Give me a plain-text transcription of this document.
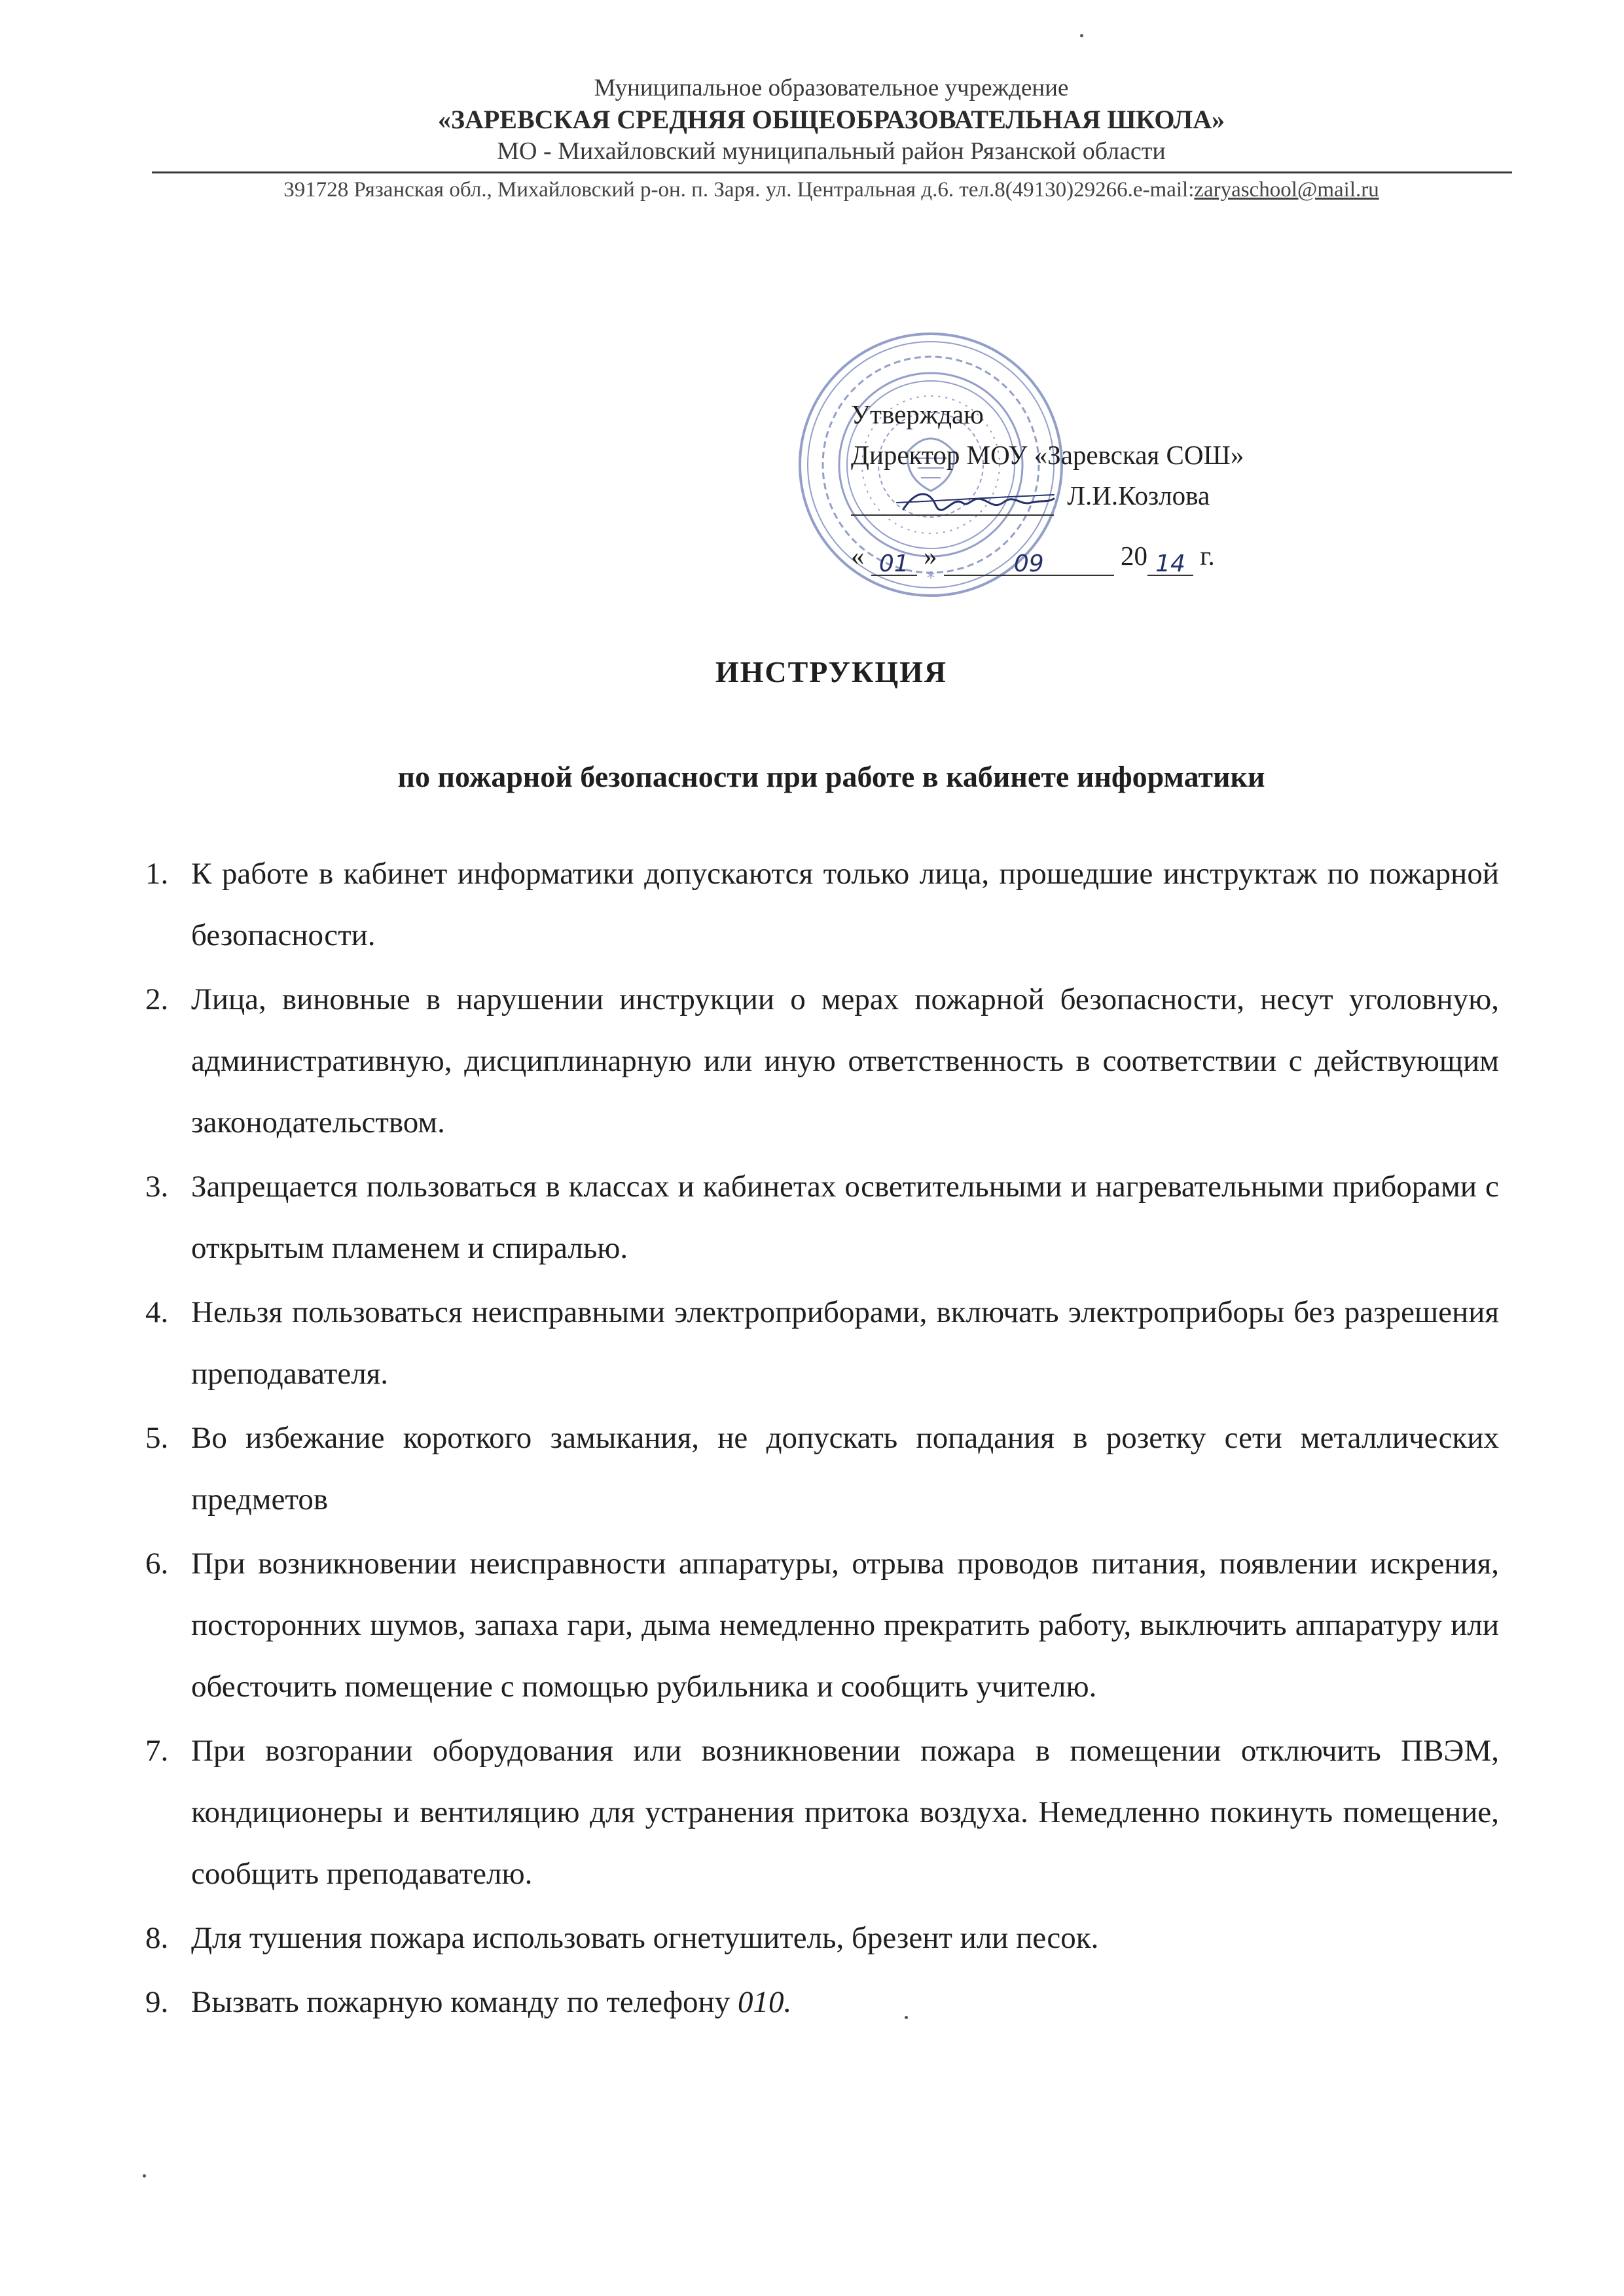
Муниципальное образовательное учреждение
«ЗАРЕВСКАЯ СРЕДНЯЯ ОБЩЕОБРАЗОВАТЕЛЬНАЯ ШКОЛА»
МО - Михайловский муниципальный район Рязанской области
391728 Рязанская обл., Михайловский р-он. п. Заря. ул. Центральная д.6. тел.8(49130)29266.e-mail:zaryaschool@mail.ru
*
Утверждаю
Директор МОУ «Заревская СОШ»
Л.И.Козлова
« 01 »	09	20 14 г.
ИНСТРУКЦИЯ
по пожарной безопасности при работе в кабинете информатики
1. К работе в кабинет информатики допускаются только лица, прошедшие инструктаж по пожарной безопасности.
2. Лица, виновные в нарушении инструкции о мерах пожарной безопасности, несут уголовную, административную, дисциплинарную или иную ответственность в соответствии с действующим законодательством.
3. Запрещается пользоваться в классах и кабинетах осветительными и нагревательными приборами с открытым пламенем и спиралью.
4. Нельзя пользоваться неисправными электроприборами, включать электроприборы без разрешения преподавателя.
5. Во избежание короткого замыкания, не допускать попадания в розетку сети металлических предметов
6. При возникновении неисправности аппаратуры, отрыва проводов питания, появлении искрения, посторонних шумов, запаха гари, дыма немедленно прекратить работу, выключить аппаратуру или обесточить помещение с помощью рубильника и сообщить учителю.
7. При возгорании оборудования или возникновении пожара в помещении отключить ПВЭМ, кондиционеры и вентиляцию для устранения притока воздуха. Немедленно покинуть помещение, сообщить преподавателю.
8. Для тушения пожара использовать огнетушитель, брезент или песок.
9. Вызвать пожарную команду по телефону 010.
